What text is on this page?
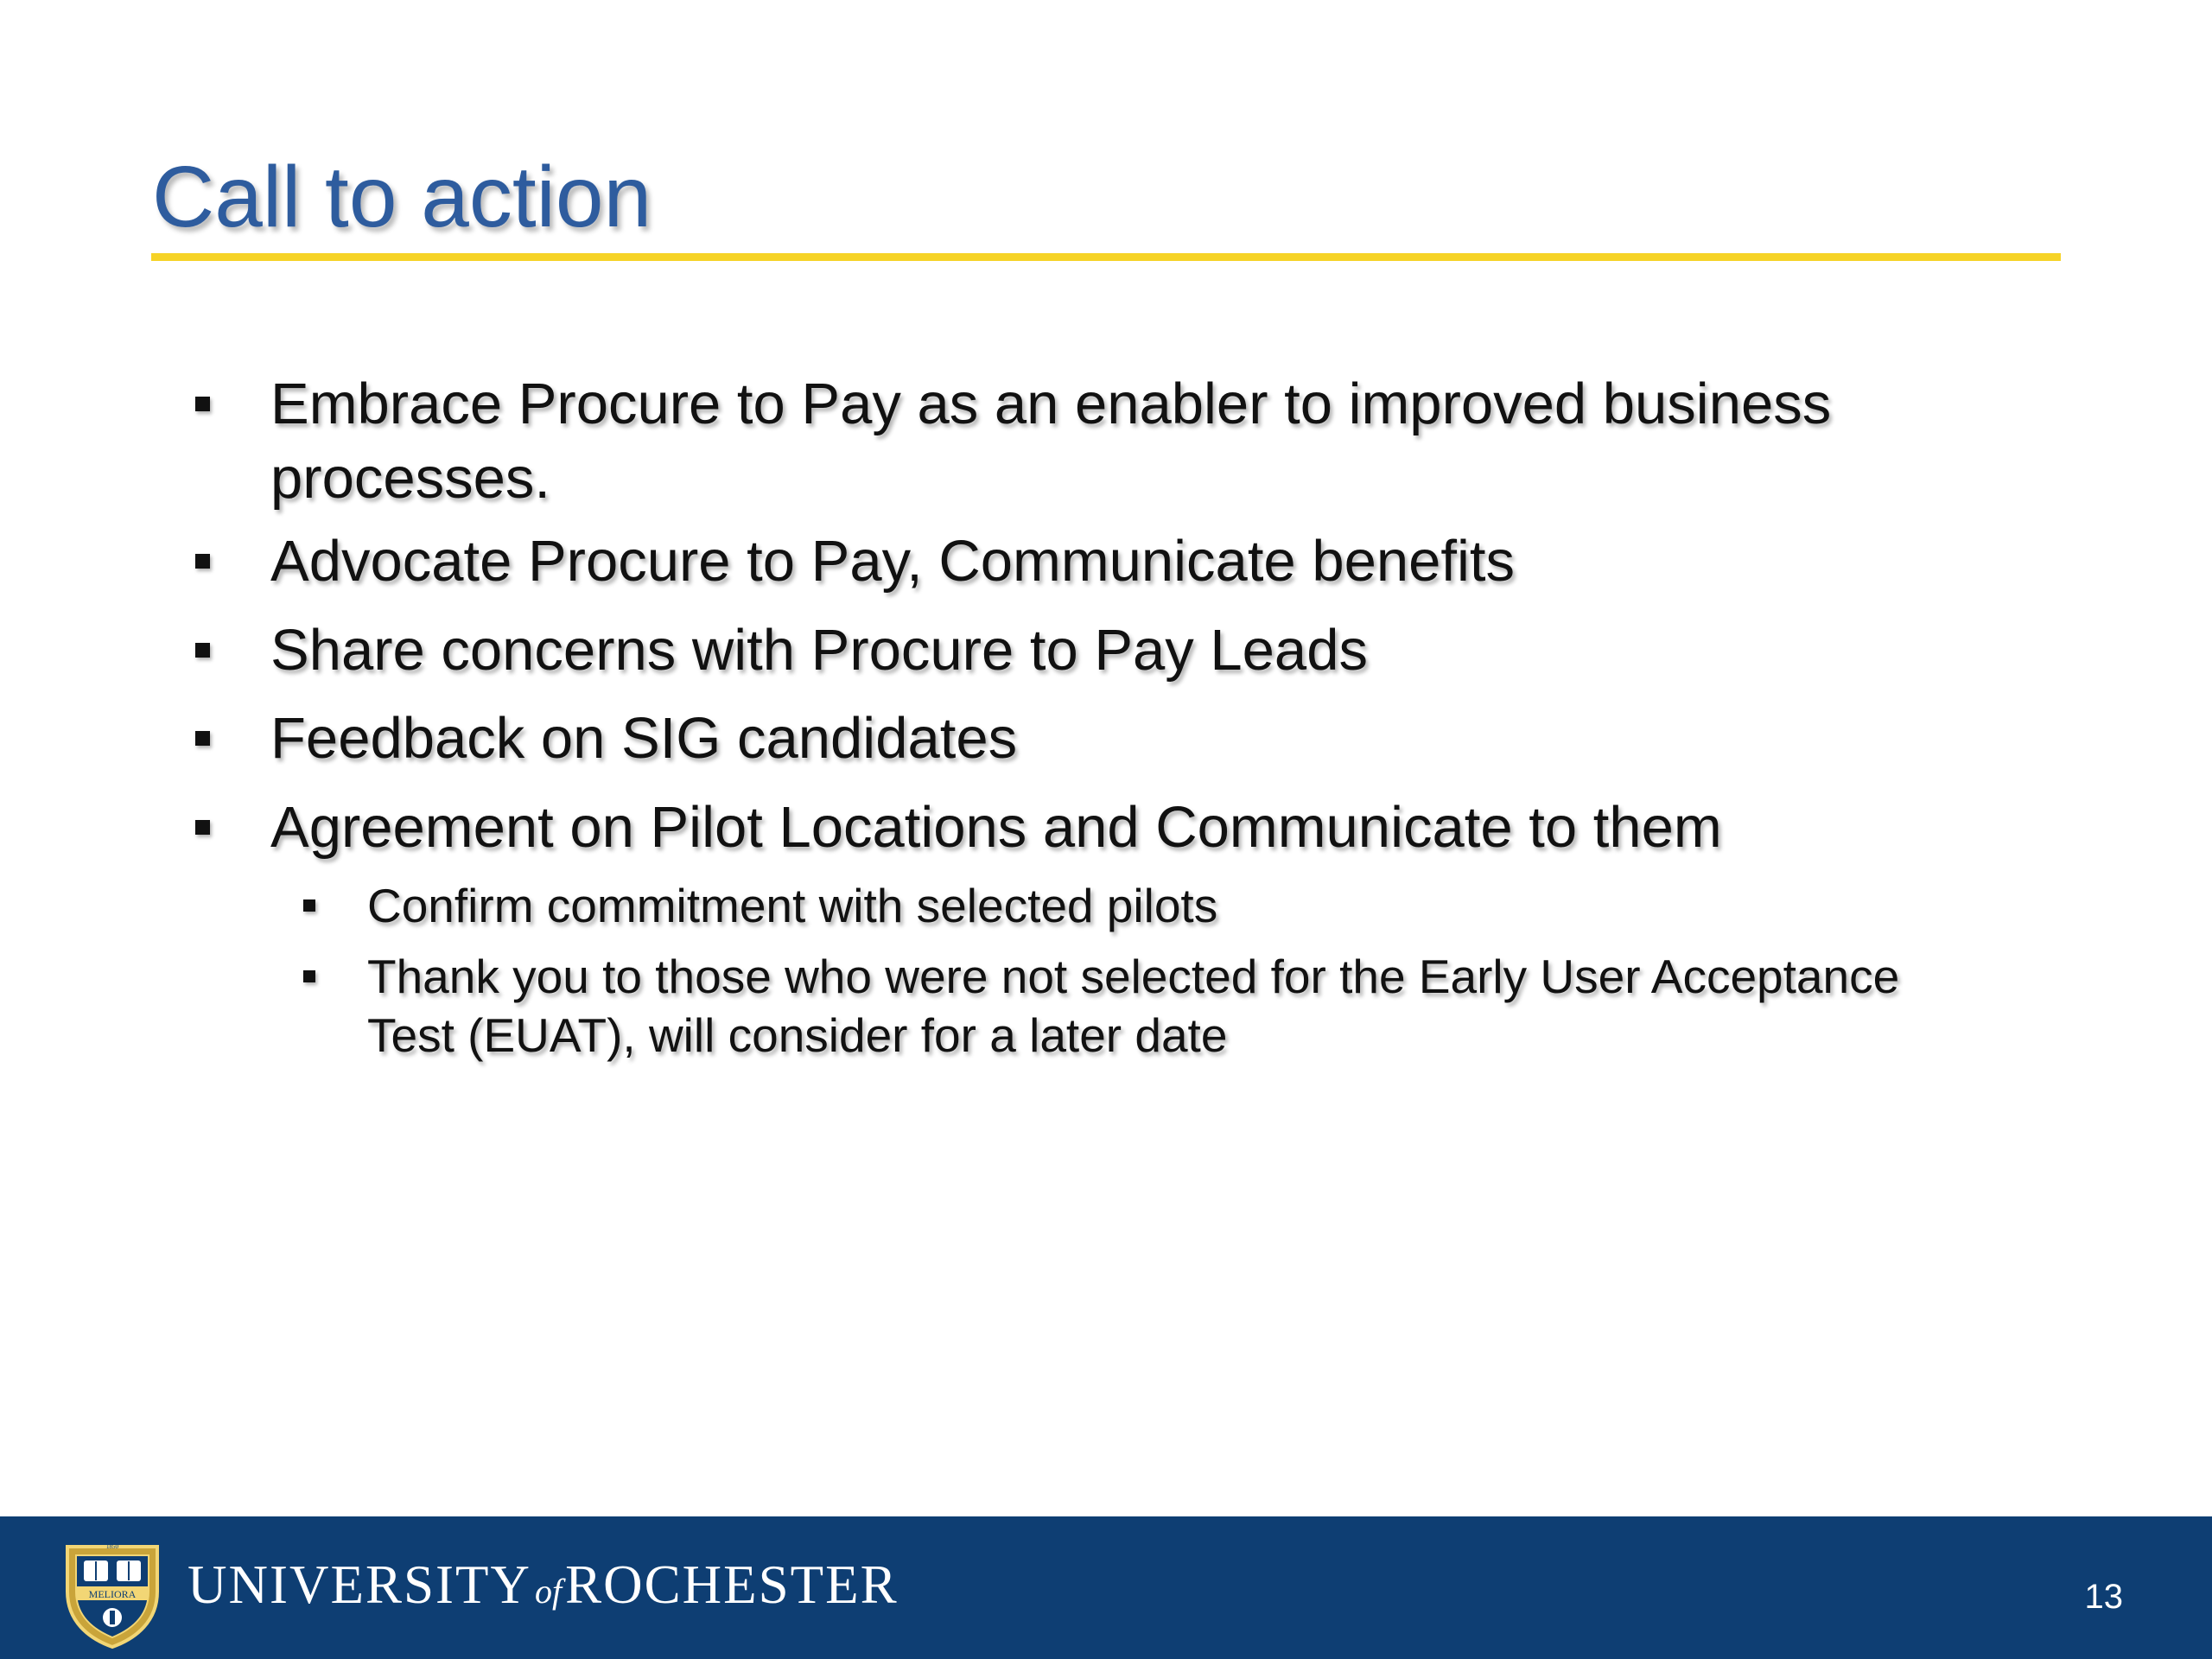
Call to action
Embrace Procure to Pay as an enabler to improved business
processes.
Advocate Procure to Pay, Communicate benefits
Share concerns with Procure to Pay Leads
Feedback on SIG candidates
Agreement on Pilot Locations and Communicate to them
Confirm commitment with selected pilots
Thank you to those who were not selected for the Early User Acceptance
Test (EUAT), will consider for a later date
MELIORA
1850
UNIVERSITY ofROCHESTER	13
